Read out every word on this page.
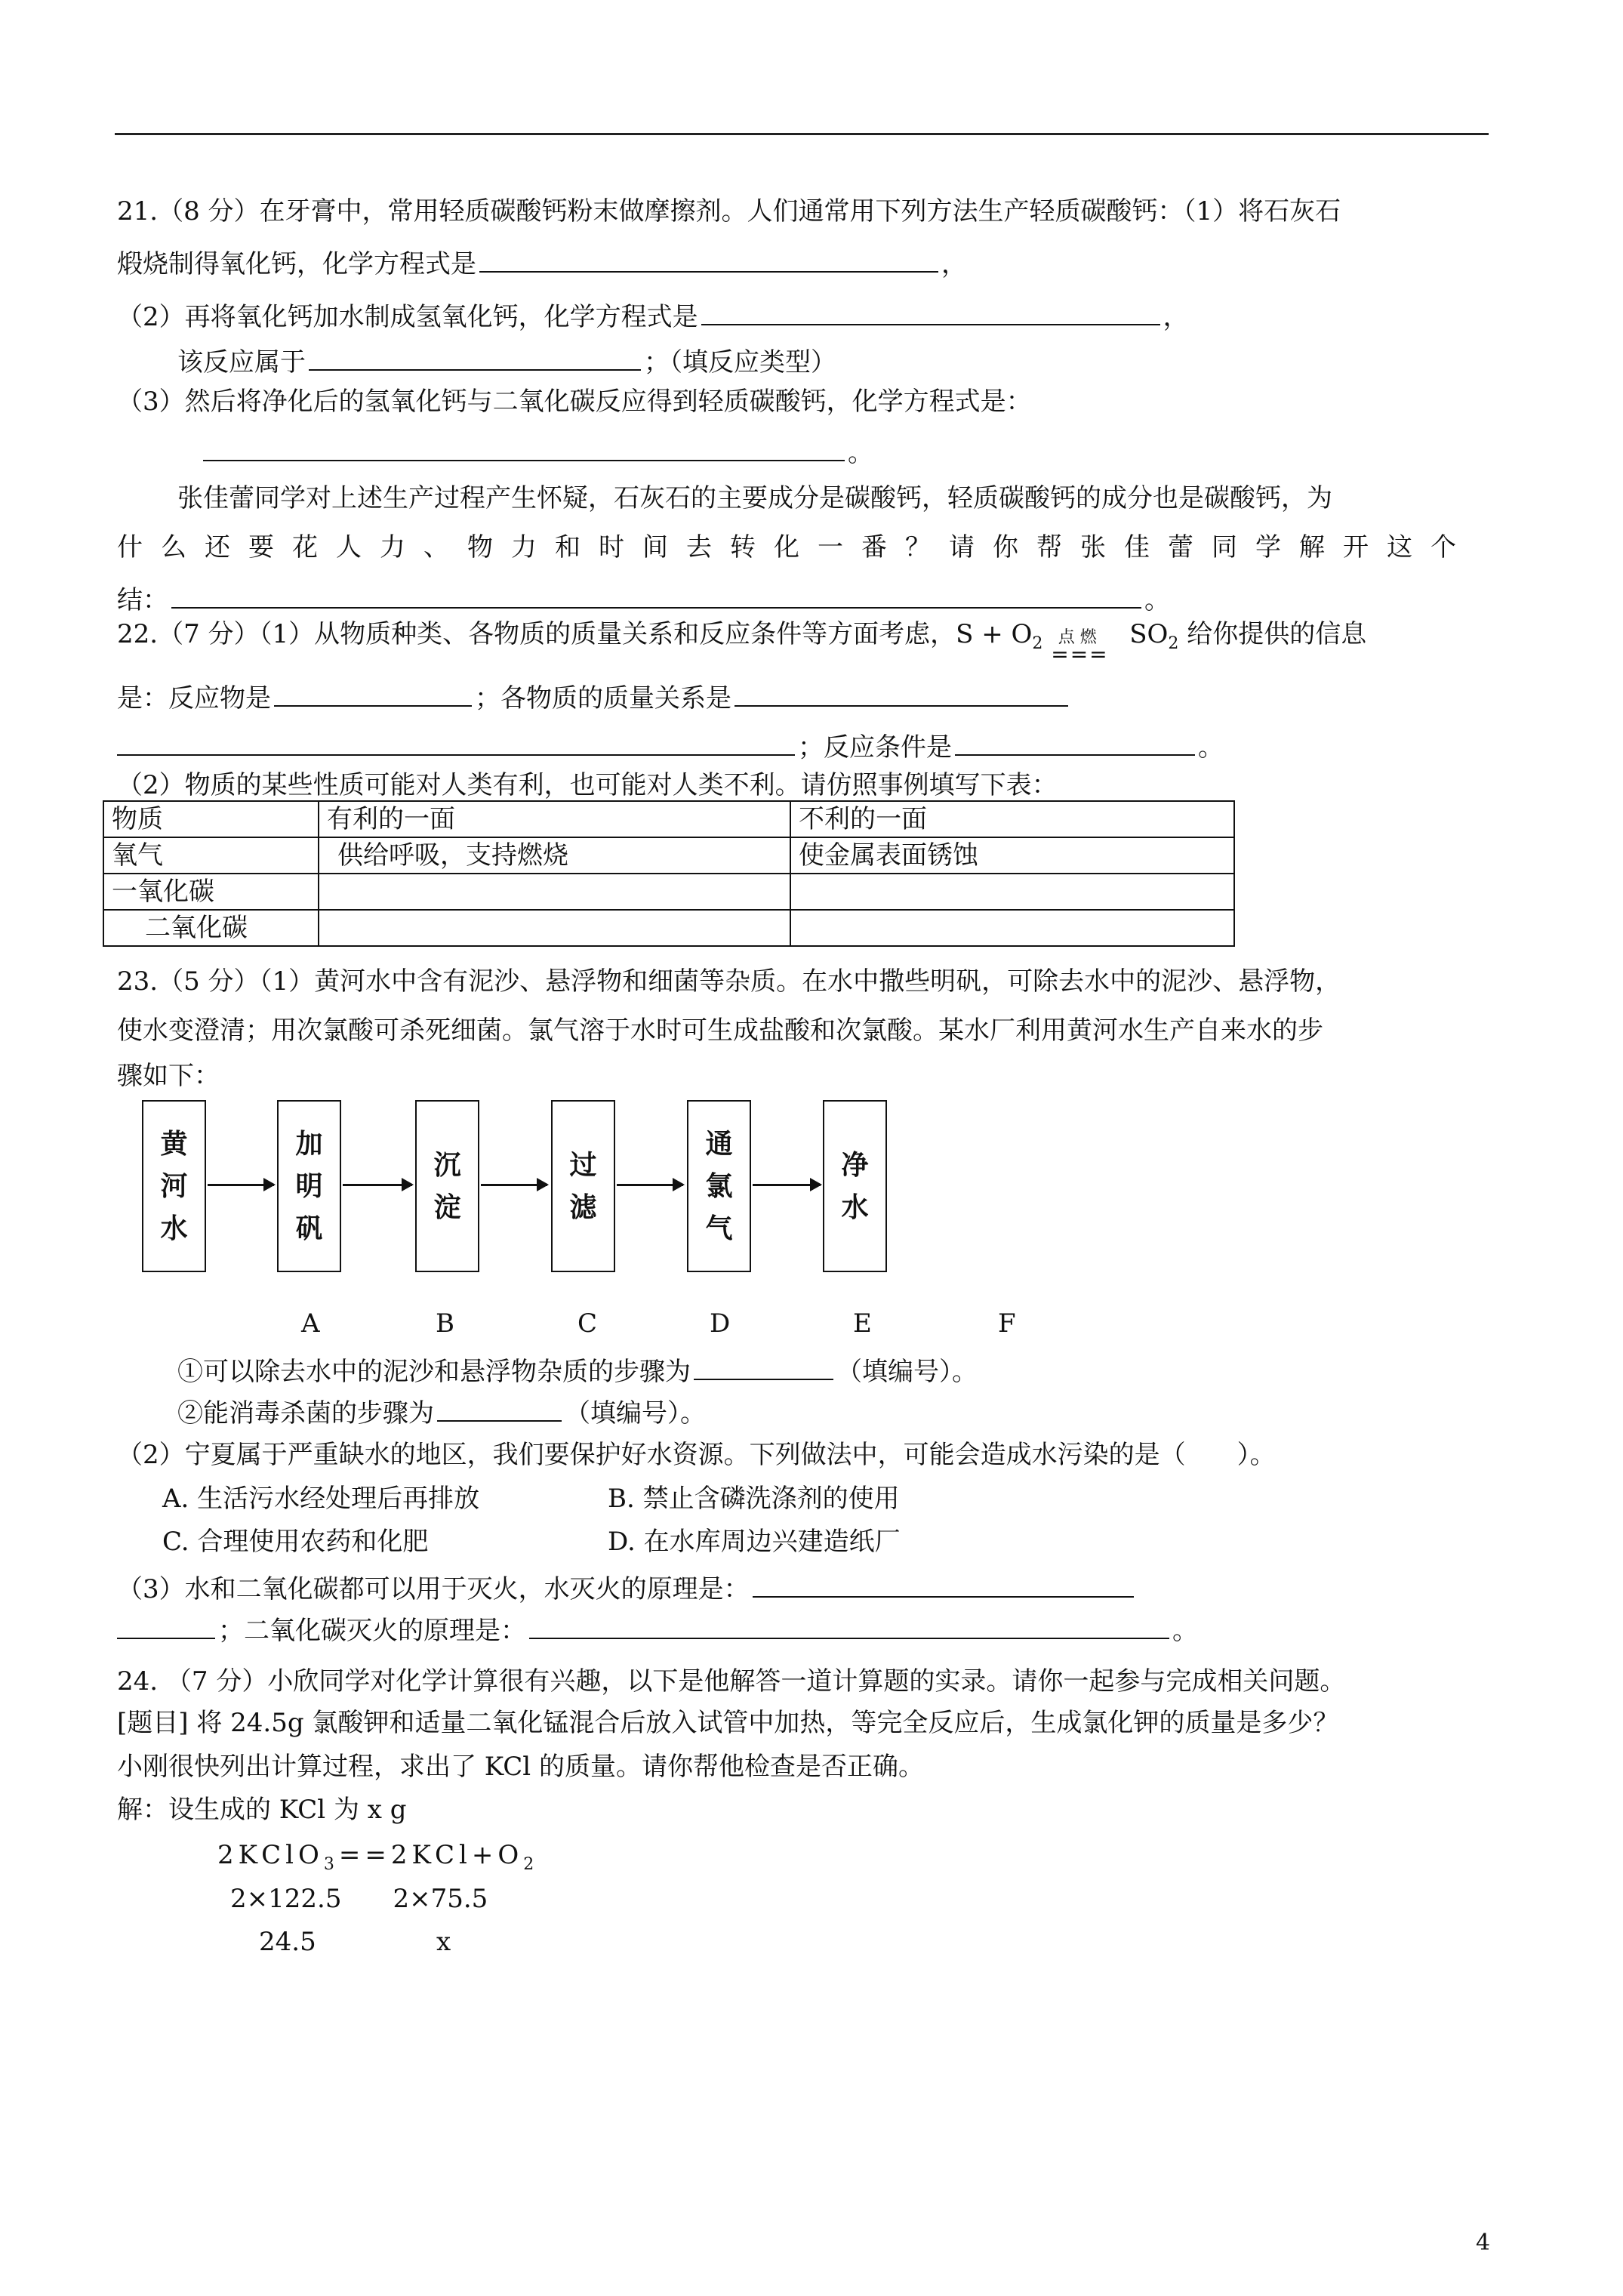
21.（8 分）在牙膏中，常用轻质碳酸钙粉末做摩擦剂。人们通常用下列方法生产轻质碳酸钙：（1）将石灰石
煅烧制得氧化钙，化学方程式是	，
（2）再将氧化钙加水制成氢氧化钙，化学方程式是	，
该反应属于	；（填反应类型）
（3）然后将净化后的氢氧化钙与二氧化碳反应得到轻质碳酸钙，化学方程式是：
。
张佳蕾同学对上述生产过程产生怀疑，石灰石的主要成分是碳酸钙，轻质碳酸钙的成分也是碳酸钙，为
什么还要花人力、物力和时间去转化一番？请你帮张佳蕾同学解开这个
结：	。
22.（7 分）（1）从物质种类、各物质的质量关系和反应条件等方面考虑，$S + O_2$ 点 燃
===
　$SO_2$ 给你提供的信息
是：反应物是	；各物质的质量关系是
；反应条件是	。
（2）物质的某些性质可能对人类有利，也可能对人类不利。请仿照事例填写下表：
物质	有利的一面	不利的一面
氧气	供给呼吸，支持燃烧	使金属表面锈蚀
一氧化碳		
二氧化碳		
23.（5 分）（1）黄河水中含有泥沙、悬浮物和细菌等杂质。在水中撒些明矾，可除去水中的泥沙、悬浮物，
使水变澄清；用次氯酸可杀死细菌。氯气溶于水时可生成盐酸和次氯酸。某水厂利用黄河水生产自来水的步
骤如下：
黄
河
水
加
明
矾
沉
淀
过
滤
通
氯
气
净
水
A	B	C	D	E	F
①可以除去水中的泥沙和悬浮物杂质的步骤为	（填编号）。
②能消毒杀菌的步骤为	（填编号）。
（2）宁夏属于严重缺水的地区，我们要保护好水资源。下列做法中，可能会造成水污染的是（　　）。
A. 生活污水经处理后再排放	B. 禁止含磷洗涤剂的使用
C. 合理使用农药和化肥	D. 在水库周边兴建造纸厂
（3）水和二氧化碳都可以用于灭火，水灭火的原理是：
；二氧化碳灭火的原理是：	。
24. （7 分）小欣同学对化学计算很有兴趣，以下是他解答一道计算题的实录。请你一起参与完成相关问题。
[题目] 将 24.5g 氯酸钾和适量二氧化锰混合后放入试管中加热，等完全反应后，生成氯化钾的质量是多少？
小刚很快列出计算过程，求出了 KCl 的质量。请你帮他检查是否正确。
解：设生成的 KCl 为 x g
$2KClO_3==2KCl+O_2$
2×122.5　　2×75.5
24.5	x
4
